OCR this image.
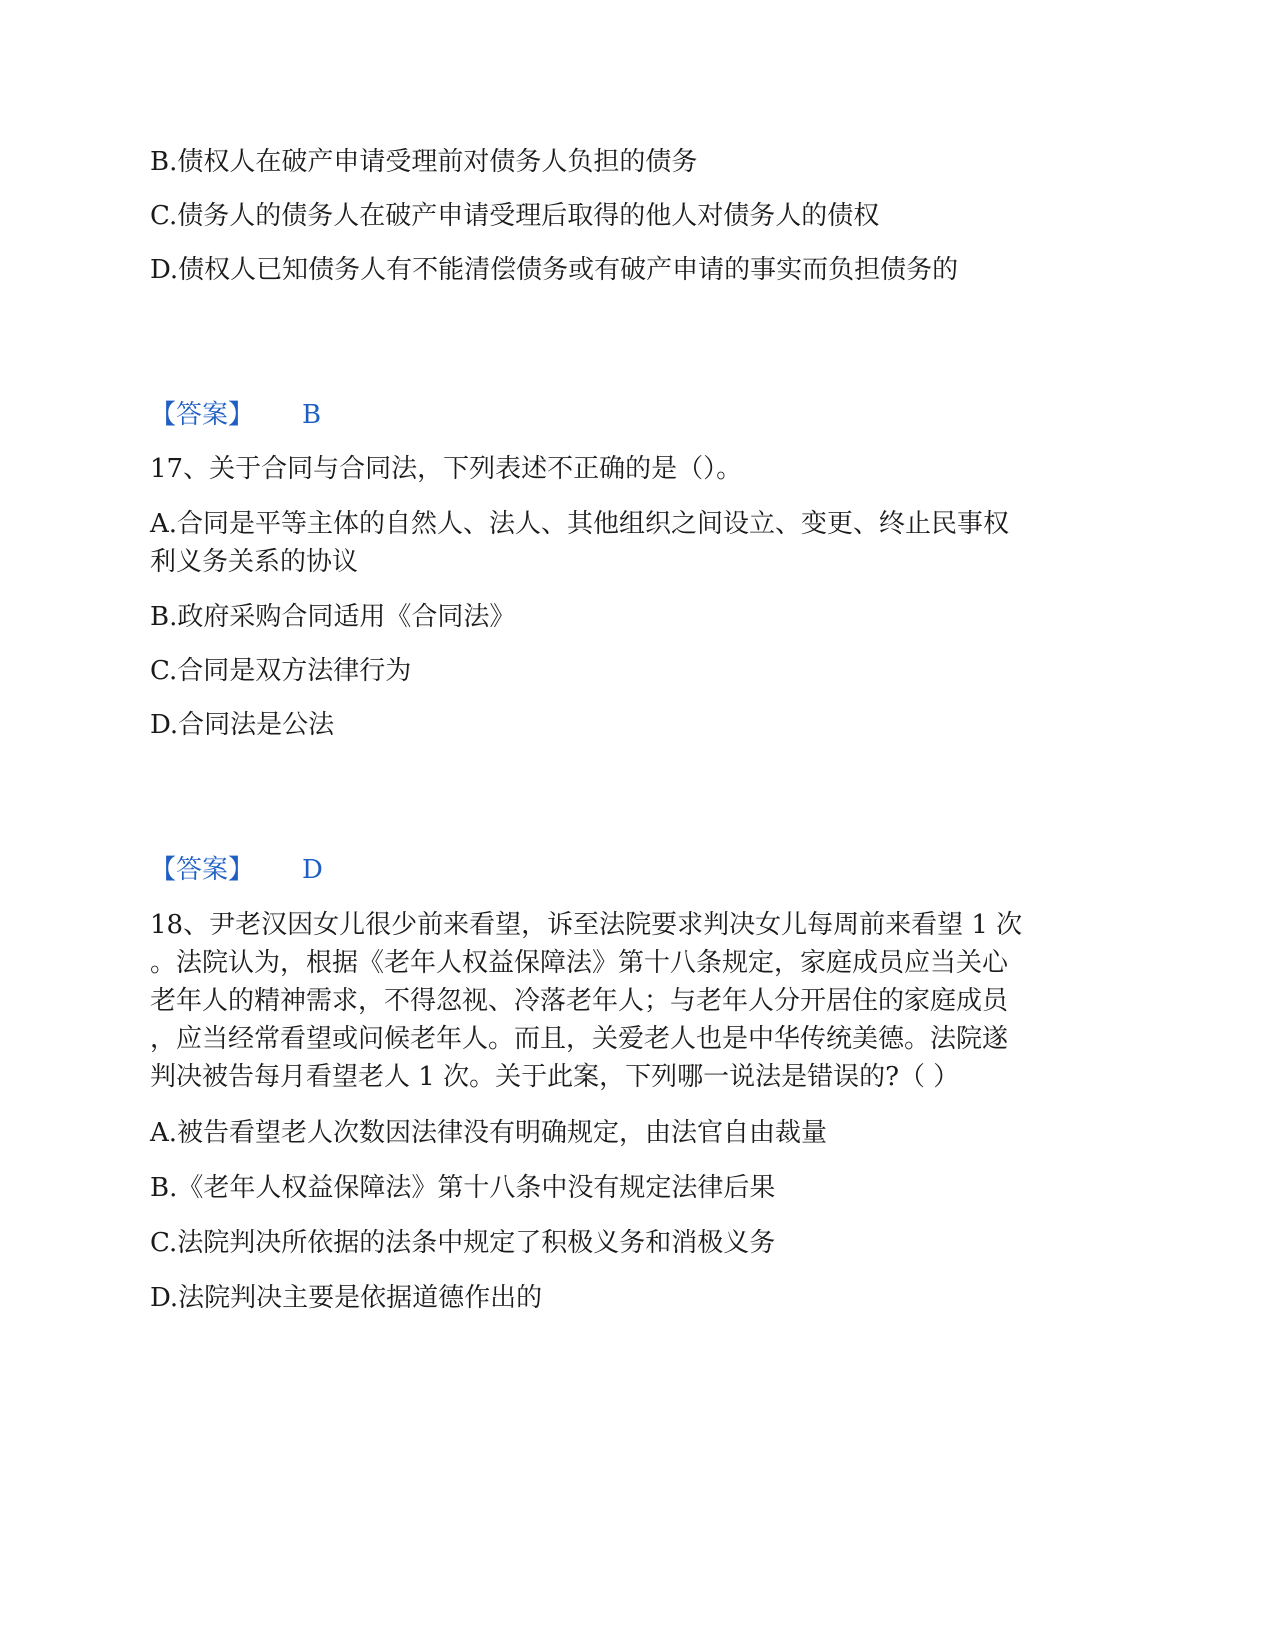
B.债权人在破产申请受理前对债务人负担的债务
C.债务人的债务人在破产申请受理后取得的他人对债务人的债权
D.债权人已知债务人有不能清偿债务或有破产申请的事实而负担债务的
【答案】 B
17、关于合同与合同法，下列表述不正确的是（）。
A.合同是平等主体的自然人、法人、其他组织之间设立、变更、终止民事权
利义务关系的协议
B.政府采购合同适用《合同法》
C.合同是双方法律行为
D.合同法是公法
【答案】 D
18、尹老汉因女儿很少前来看望，诉至法院要求判决女儿每周前来看望 1 次
。法院认为，根据《老年人权益保障法》第十八条规定，家庭成员应当关心
老年人的精神需求，不得忽视、冷落老年人；与老年人分开居住的家庭成员
，应当经常看望或问候老年人。而且，关爱老人也是中华传统美德。法院遂
判决被告每月看望老人 1 次。关于此案，下列哪一说法是错误的?（ ）
A.被告看望老人次数因法律没有明确规定，由法官自由裁量
B.《老年人权益保障法》第十八条中没有规定法律后果
C.法院判决所依据的法条中规定了积极义务和消极义务
D.法院判决主要是依据道德作出的
